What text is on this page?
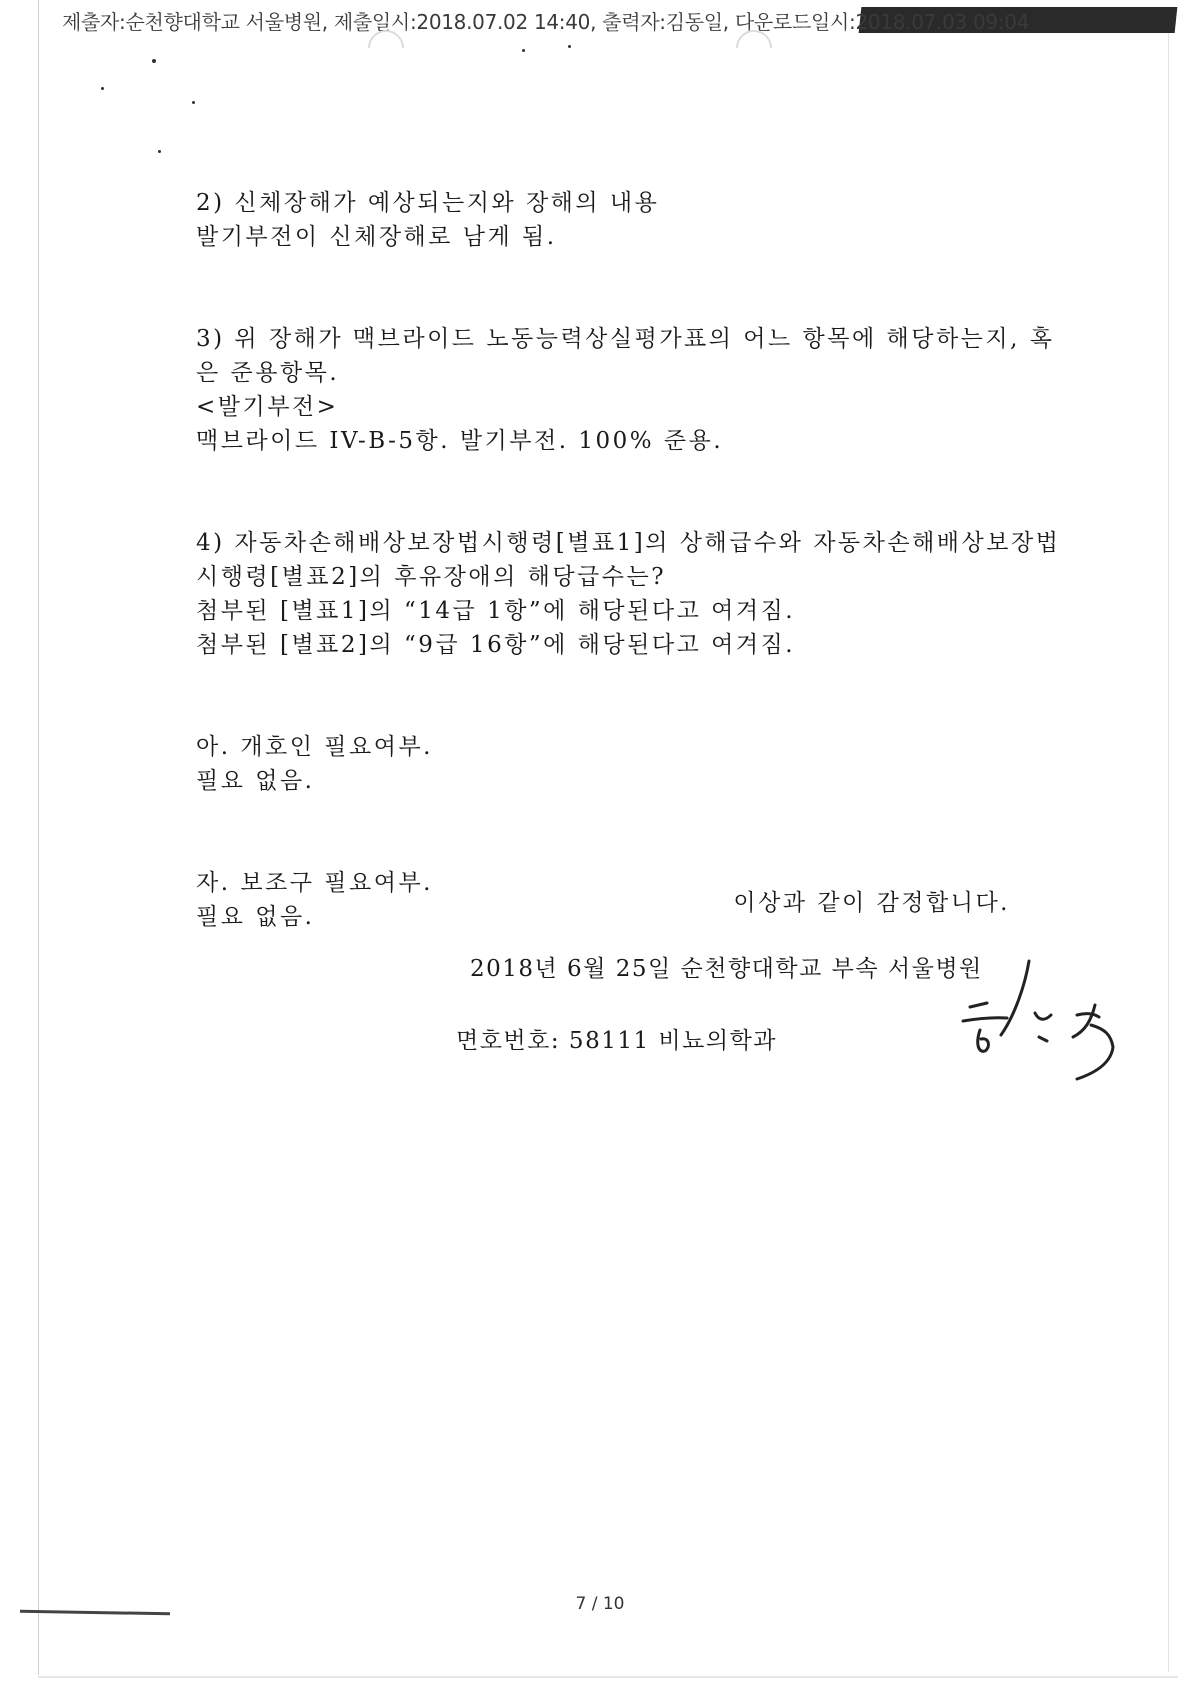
제출자:순천향대학교 서울병원, 제출일시:2018.07.02 14:40, 출력자:김동일, 다운로드일시:2018.07.03 09:04

2) 신체장해가 예상되는지와 장해의 내용

발기부전이 신체장해로 남게 됨.

3) 위 장해가 맥브라이드 노동능력상실평가표의 어느 항목에 해당하는지, 혹

은 준용항목.

<발기부전>

맥브라이드 IV-B-5항. 발기부전. 100% 준용.

4) 자동차손해배상보장법시행령[별표1]의 상해급수와 자동차손해배상보장법

시행령[별표2]의 후유장애의 해당급수는?

첨부된 [별표1]의 “14급 1항”에 해당된다고 여겨짐.

첨부된 [별표2]의 “9급 16항”에 해당된다고 여겨짐.

아. 개호인 필요여부.

필요 없음.

자. 보조구 필요여부.

필요 없음.

이상과 같이 감정합니다.
2018년 6월 25일 순천향대학교 부속 서울병원
면호번호: 58111 비뇨의학과
7 / 10
